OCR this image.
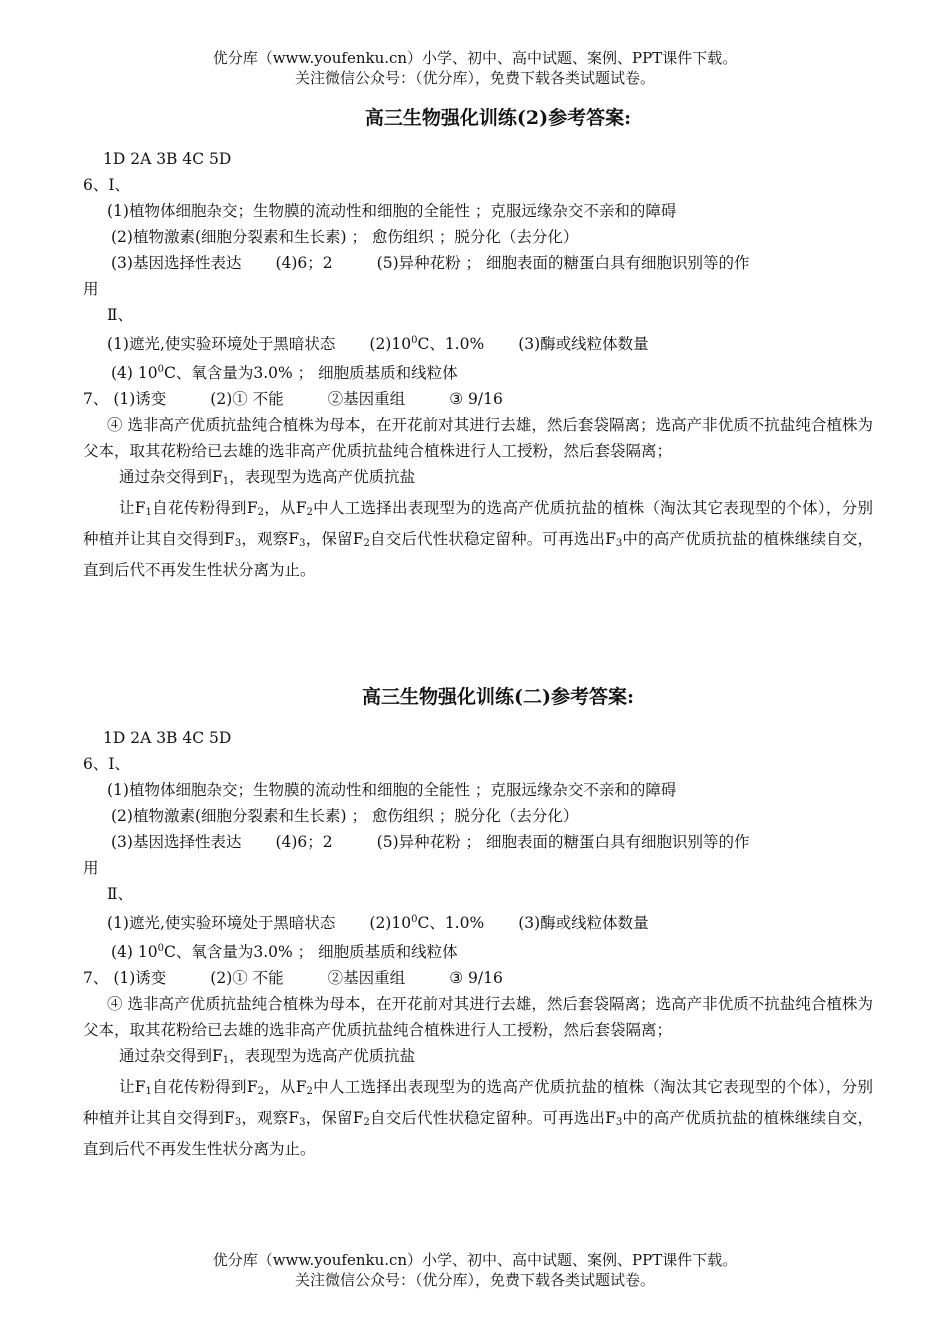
优分库（www.youfenku.cn）小学、初中、高中试题、案例、PPT课件下载。
关注微信公众号：（优分库），免费下载各类试题试卷。
高三生物强化训练(2)参考答案:
1D 2A 3B 4C 5D
6、Ⅰ、
(1)植物体细胞杂交；生物膜的流动性和细胞的全能性 ；克服远缘杂交不亲和的障碍
(2)植物激素(细胞分裂素和生长素) ； 愈伤组织 ；脱分化（去分化）
(3)基因选择性表达 (4)6；2	(5)异种花粉 ； 细胞表面的糖蛋白具有细胞识别等的作
用
Ⅱ、
(1)遮光,使实验环境处于黑暗状态 $(2)10^0C$、1.0% (3)酶或线粒体数量
(4) $10^0C$、氧含量为3.0% ； 细胞质基质和线粒体
7、 (1)诱变	(2)① 不能	②基因重组	③ 9/16
④ 选非高产优质抗盐纯合植株为母本，在开花前对其进行去雄，然后套袋隔离；选高产非优质不抗盐纯合植株为父本，取其花粉给已去雄的选非高产优质抗盐纯合植株进行人工授粉，然后套袋隔离；
通过杂交得到$F_1$，表现型为选高产优质抗盐
让$F_1$自花传粉得到$F_2$，从$F_2$中人工选择出表现型为的选高产优质抗盐的植株（淘汰其它表现型的个体），分别种植并让其自交得到$F_3$，观察$F_3$，保留$F_2$自交后代性状稳定留种。可再选出$F_3$中的高产优质抗盐的植株继续自交，直到后代不再发生性状分离为止。
高三生物强化训练(二)参考答案:
1D 2A 3B 4C 5D
6、Ⅰ、
(1)植物体细胞杂交；生物膜的流动性和细胞的全能性 ；克服远缘杂交不亲和的障碍
(2)植物激素(细胞分裂素和生长素) ； 愈伤组织 ；脱分化（去分化）
(3)基因选择性表达 (4)6；2	(5)异种花粉 ； 细胞表面的糖蛋白具有细胞识别等的作
用
Ⅱ、
(1)遮光,使实验环境处于黑暗状态 $(2)10^0C$、1.0% (3)酶或线粒体数量
(4) $10^0C$、氧含量为3.0% ； 细胞质基质和线粒体
7、 (1)诱变	(2)① 不能	②基因重组	③ 9/16
④ 选非高产优质抗盐纯合植株为母本，在开花前对其进行去雄，然后套袋隔离；选高产非优质不抗盐纯合植株为父本，取其花粉给已去雄的选非高产优质抗盐纯合植株进行人工授粉，然后套袋隔离；
通过杂交得到$F_1$，表现型为选高产优质抗盐
让$F_1$自花传粉得到$F_2$，从$F_2$中人工选择出表现型为的选高产优质抗盐的植株（淘汰其它表现型的个体），分别种植并让其自交得到$F_3$，观察$F_3$，保留$F_2$自交后代性状稳定留种。可再选出$F_3$中的高产优质抗盐的植株继续自交，直到后代不再发生性状分离为止。
优分库（www.youfenku.cn）小学、初中、高中试题、案例、PPT课件下载。
关注微信公众号：（优分库），免费下载各类试题试卷。
